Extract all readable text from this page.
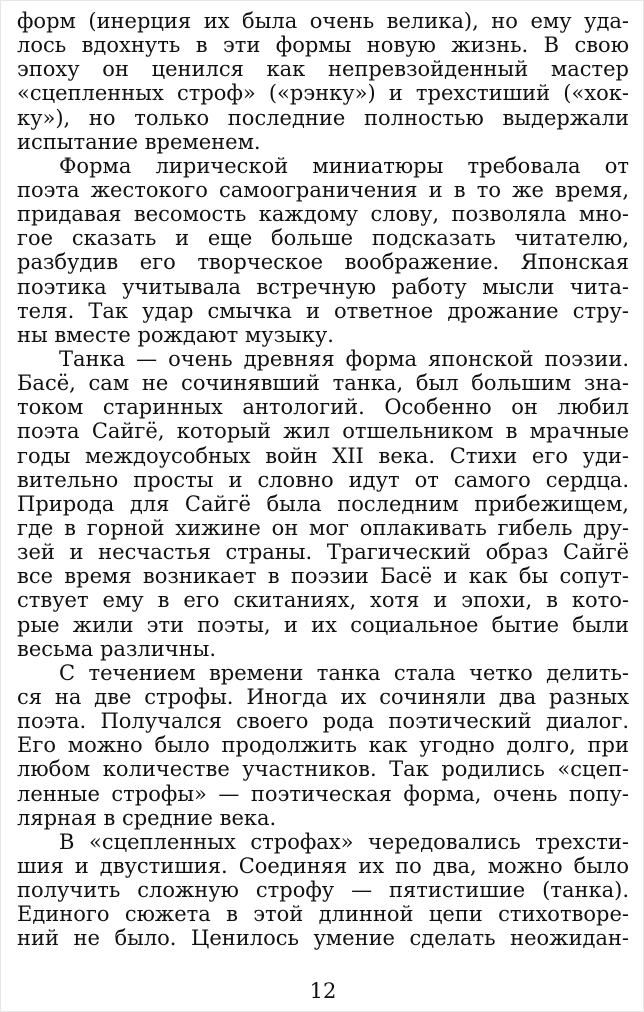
форм (инерция их была очень велика), но ему уда-
лось вдохнуть в эти формы новую жизнь. В свою
эпоху он ценился как непревзойденный мастер
«сцепленных строф» («рэнку») и трехстиший («хок-
ку»), но только последние полностью выдержали
испытание временем.
Форма лирической миниатюры требовала от
поэта жестокого самоограничения и в то же время,
придавая весомость каждому слову, позволяла мно-
гое сказать и еще больше подсказать читателю,
разбудив его творческое воображение. Японская
поэтика учитывала встречную работу мысли чита-
теля. Так удар смычка и ответное дрожание стру-
ны вместе рождают музыку.
Танка — очень древняя форма японской поэзии.
Басё, сам не сочинявший танка, был большим зна-
током старинных антологий. Особенно он любил
поэта Сайгё, который жил отшельником в мрачные
годы междоусобных войн XII века. Стихи его уди-
вительно просты и словно идут от самого сердца.
Природа для Сайгё была последним прибежищем,
где в горной хижине он мог оплакивать гибель дру-
зей и несчастья страны. Трагический образ Сайгё
все время возникает в поэзии Басё и как бы сопут-
ствует ему в его скитаниях, хотя и эпохи, в кото-
рые жили эти поэты, и их социальное бытие были
весьма различны.
С течением времени танка стала четко делить-
ся на две строфы. Иногда их сочиняли два разных
поэта. Получался своего рода поэтический диалог.
Его можно было продолжить как угодно долго, при
любом количестве участников. Так родились «сцеп-
ленные строфы» — поэтическая форма, очень попу-
лярная в средние века.
В «сцепленных строфах» чередовались трехсти-
шия и двустишия. Соединяя их по два, можно было
получить сложную строфу — пятистишие (танка).
Единого сюжета в этой длинной цепи стихотворе-
ний не было. Ценилось умение сделать неожидан-
12
